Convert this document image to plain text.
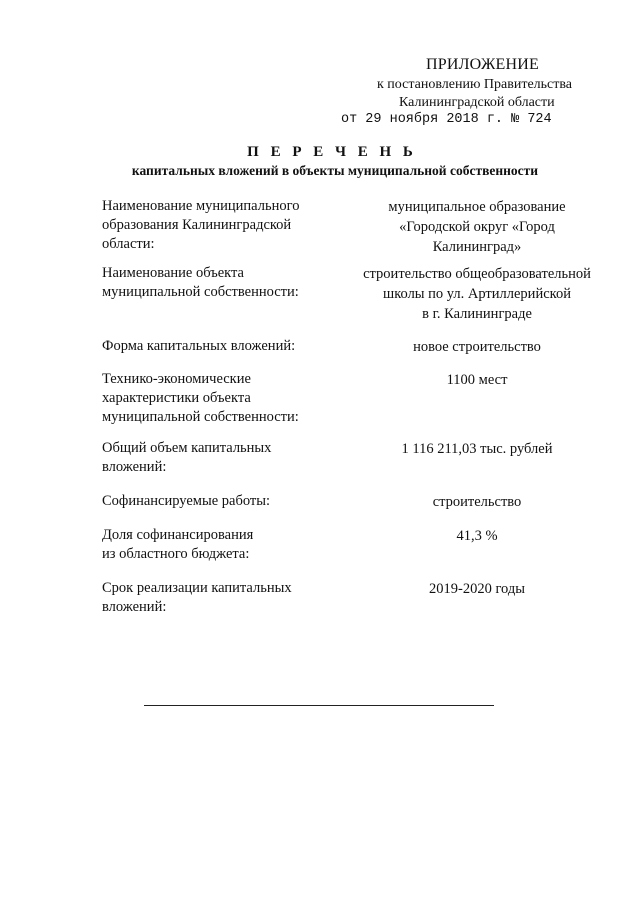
ПРИЛОЖЕНИЕ
к постановлению Правительства
Калининградской области
от 29 ноября 2018 г. № 724
П Е Р Е Ч Е Н Ь
капитальных вложений в объекты муниципальной собственности
Наименование муниципального
образования Калининградской
области:
муниципальное образование
«Городской округ «Город
Калининград»
Наименование объекта
муниципальной собственности:
строительство общеобразовательной
школы по ул. Артиллерийской
в г. Калининграде
Форма капитальных вложений:	новое строительство
Технико-экономические
характеристики объекта
муниципальной собственности:
1100 мест
Общий объем капитальных
вложений:
1 116 211,03 тыс. рублей
Софинансируемые работы:	строительство
Доля софинансирования
из областного бюджета:
41,3 %
Срок реализации капитальных
вложений:
2019-2020 годы
